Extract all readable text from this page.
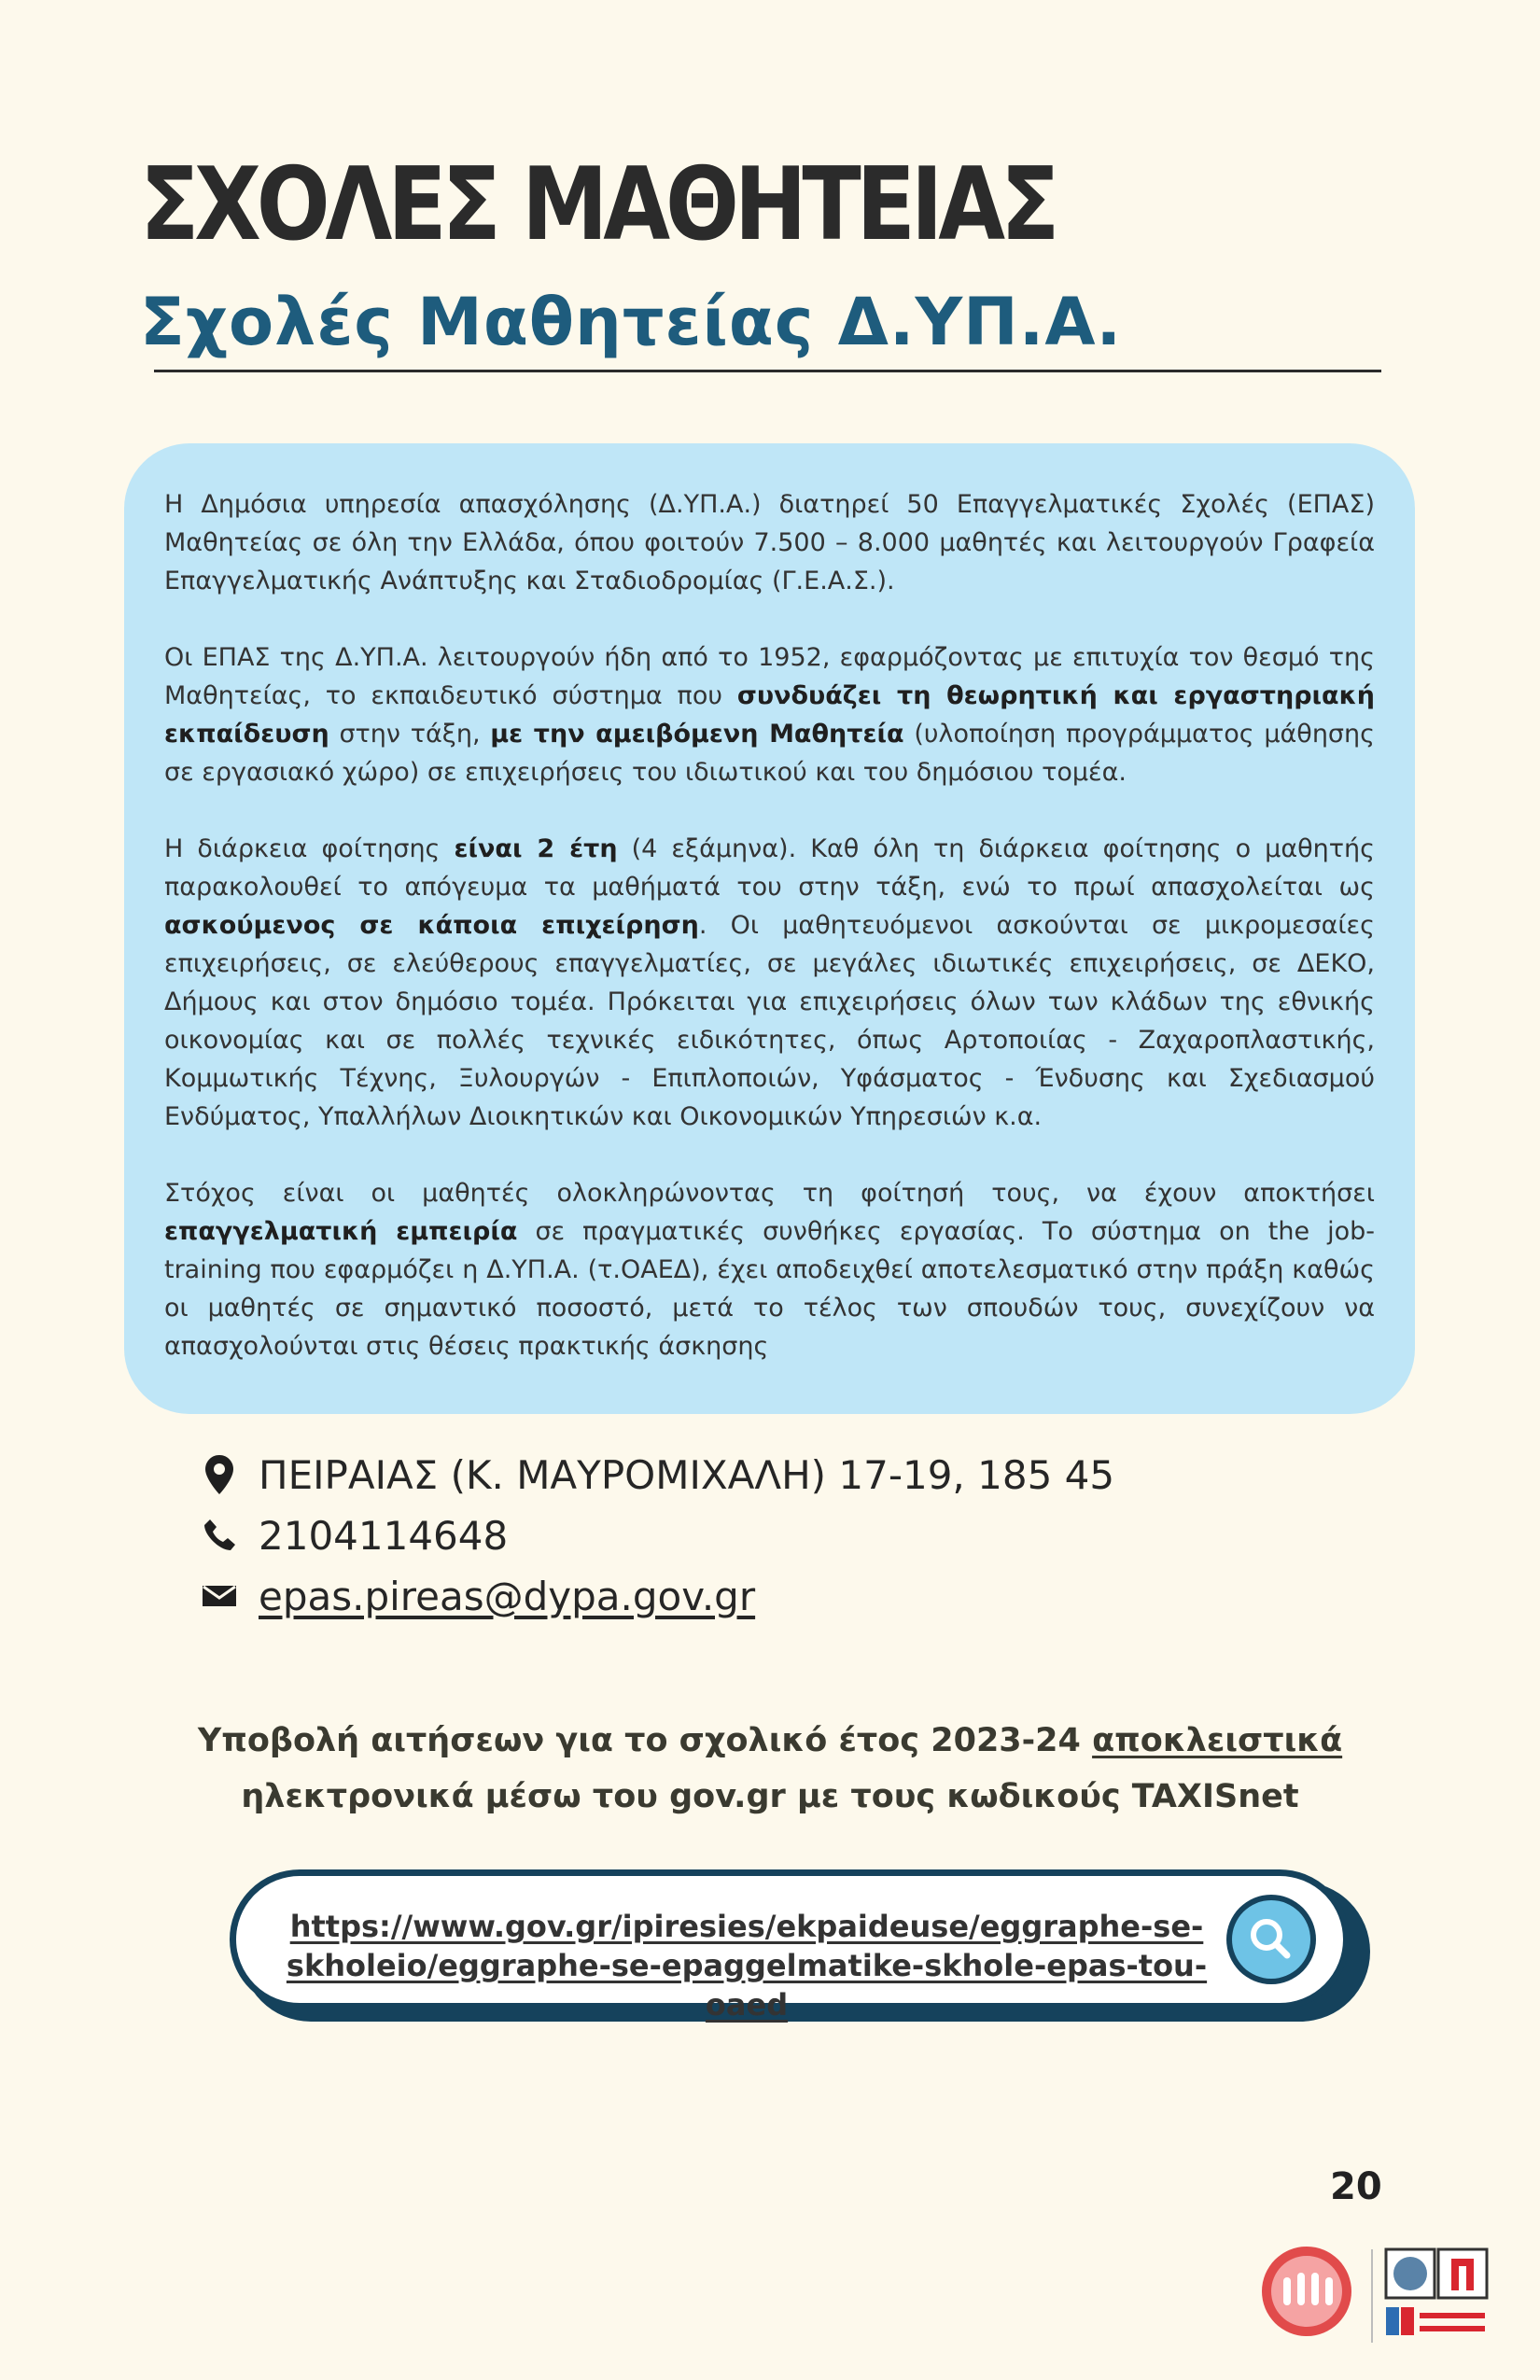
ΣΧΟΛΕΣ ΜΑΘΗΤΕΙΑΣ
Σχολές Μαθητείας Δ.ΥΠ.Α.

Η Δημόσια υπηρεσία απασχόλησης (Δ.ΥΠ.Α.) διατηρεί 50 Επαγγελματικές Σχολές (ΕΠΑΣ) Μαθητείας σε όλη την Ελλάδα, όπου φοιτούν 7.500 – 8.000 μαθητές και λειτουργούν Γραφεία Επαγγελματικής Ανάπτυξης και Σταδιοδρομίας (Γ.Ε.Α.Σ.).

Οι ΕΠΑΣ της Δ.ΥΠ.Α. λειτουργούν ήδη από το 1952, εφαρμόζοντας με επιτυχία τον θεσμό της Μαθητείας, το εκπαιδευτικό σύστημα που συνδυάζει τη θεωρητική και εργαστηριακή εκπαίδευση στην τάξη, με την αμειβόμενη Μαθητεία (υλοποίηση προγράμματος μάθησης σε εργασιακό χώρο) σε επιχειρήσεις του ιδιωτικού και του δημόσιου τομέα.

Η διάρκεια φοίτησης είναι 2 έτη (4 εξάμηνα). Καθ όλη τη διάρκεια φοίτησης ο μαθητής παρακολουθεί το απόγευμα τα μαθήματά του στην τάξη, ενώ το πρωί απασχολείται ως ασκούμενος σε κάποια επιχείρηση. Οι μαθητευόμενοι ασκούνται σε μικρομεσαίες επιχειρήσεις, σε ελεύθερους επαγγελματίες, σε μεγάλες ιδιωτικές επιχειρήσεις, σε ΔΕΚΟ, Δήμους και στον δημόσιο τομέα. Πρόκειται για επιχειρήσεις όλων των κλάδων της εθνικής οικονομίας και σε πολλές τεχνικές ειδικότητες, όπως Αρτοποιίας - Ζαχαροπλαστικής, Κομμωτικής Τέχνης, Ξυλουργών - Επιπλοποιών, Υφάσματος - Ένδυσης και Σχεδιασμού Ενδύματος, Υπαλλήλων Διοικητικών και Οικονομικών Υπηρεσιών κ.α.

Στόχος είναι οι μαθητές ολοκληρώνοντας τη φοίτησή τους, να έχουν αποκτήσει επαγγελματική εμπειρία σε πραγματικές συνθήκες εργασίας. Το σύστημα on the job-training που εφαρμόζει η Δ.ΥΠ.Α. (τ.ΟΑΕΔ), έχει αποδειχθεί αποτελεσματικό στην πράξη καθώς οι μαθητές σε σημαντικό ποσοστό, μετά το τέλος των σπουδών τους, συνεχίζουν να απασχολούνται στις θέσεις πρακτικής άσκησης

ΠΕΙΡΑΙΑΣ (Κ. ΜΑΥΡΟΜΙΧΑΛΗ) 17-19, 185 45
2104114648
epas.pireas@dypa.gov.gr

Υποβολή αιτήσεων για το σχολικό έτος 2023-24 αποκλειστικά

ηλεκτρονικά μέσω του gov.gr με τους κωδικούς TAXISnet

https://www.gov.gr/ipiresies/ekpaideuse/eggraphe-se-
skholeio/eggraphe-se-epaggelmatike-skhole-epas-tou-oaed

20
